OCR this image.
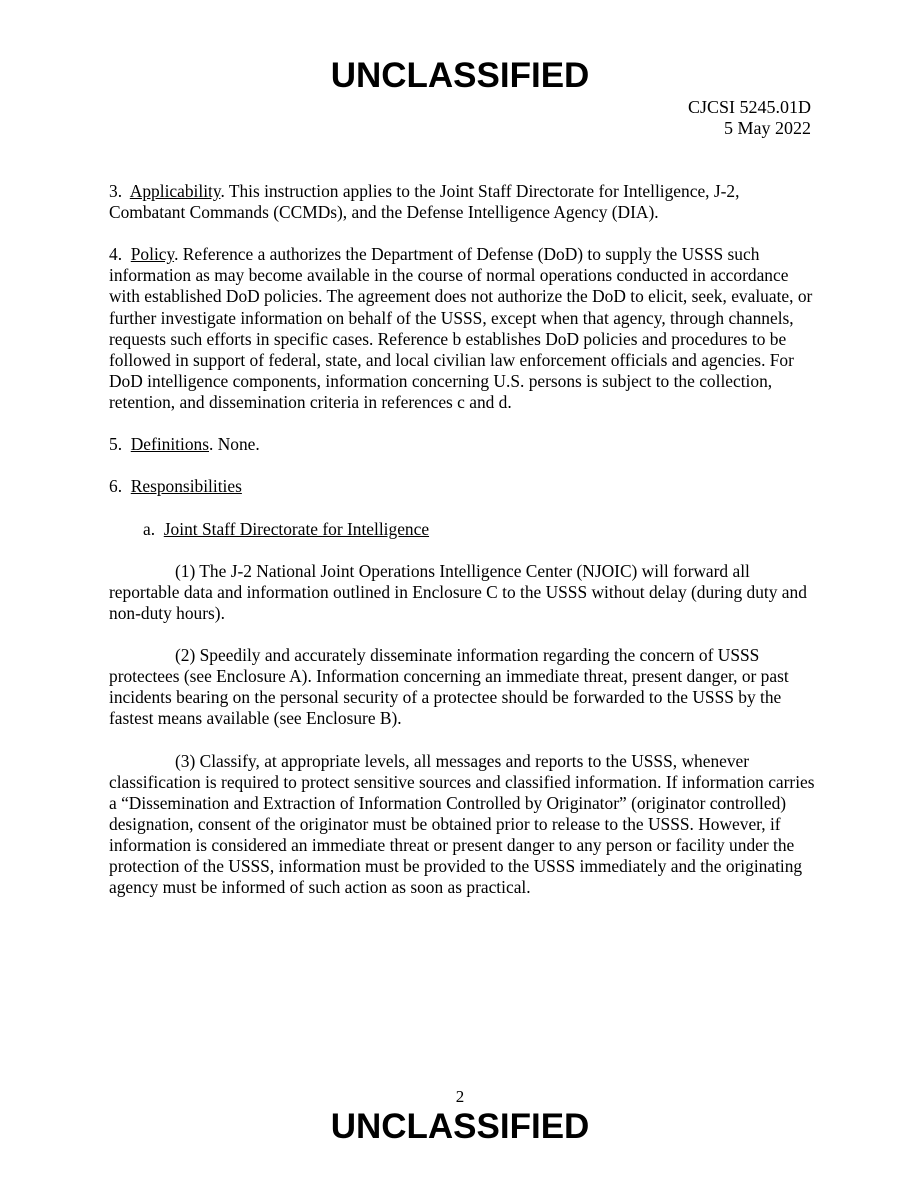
UNCLASSIFIED
CJCSI 5245.01D
5 May 2022

3. Applicability. This instruction applies to the Joint Staff Directorate for Intelligence, J-2, Combatant Commands (CCMDs), and the Defense Intelligence Agency (DIA).

4. Policy. Reference a authorizes the Department of Defense (DoD) to supply the USSS such information as may become available in the course of normal operations conducted in accordance with established DoD policies. The agreement does not authorize the DoD to elicit, seek, evaluate, or further investigate information on behalf of the USSS, except when that agency, through channels, requests such efforts in specific cases. Reference b establishes DoD policies and procedures to be followed in support of federal, state, and local civilian law enforcement officials and agencies. For DoD intelligence components, information concerning U.S. persons is subject to the collection, retention, and dissemination criteria in references c and d.

5. Definitions. None.

6. Responsibilities

a. Joint Staff Directorate for Intelligence

(1) The J-2 National Joint Operations Intelligence Center (NJOIC) will forward all reportable data and information outlined in Enclosure C to the USSS without delay (during duty and non-duty hours).

(2) Speedily and accurately disseminate information regarding the concern of USSS protectees (see Enclosure A). Information concerning an immediate threat, present danger, or past incidents bearing on the personal security of a protectee should be forwarded to the USSS by the fastest means available (see Enclosure B).

(3) Classify, at appropriate levels, all messages and reports to the USSS, whenever classification is required to protect sensitive sources and classified information. If information carries a “Dissemination and Extraction of Information Controlled by Originator” (originator controlled) designation, consent of the originator must be obtained prior to release to the USSS. However, if information is considered an immediate threat or present danger to any person or facility under the protection of the USSS, information must be provided to the USSS immediately and the originating agency must be informed of such action as soon as practical.

2
UNCLASSIFIED
